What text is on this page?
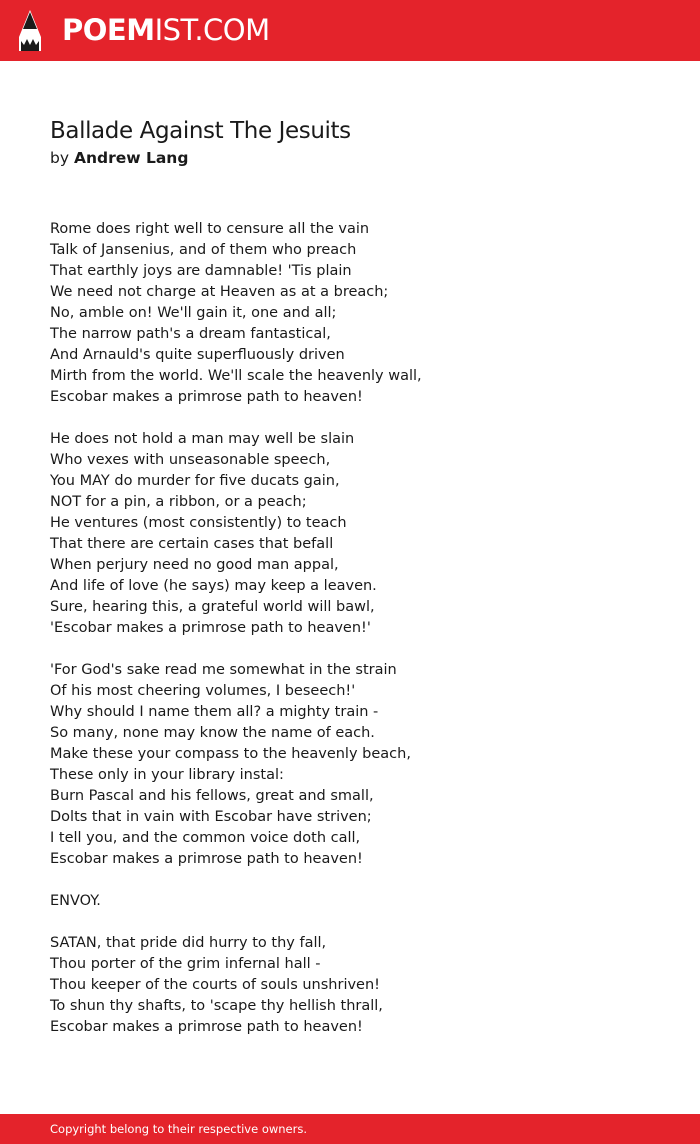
POEMIST.COM
Ballade Against The Jesuits
by Andrew Lang
Rome does right well to censure all the vain
Talk of Jansenius, and of them who preach
That earthly joys are damnable! 'Tis plain
We need not charge at Heaven as at a breach;
No, amble on! We'll gain it, one and all;
The narrow path's a dream fantastical,
And Arnauld's quite superfluously driven
Mirth from the world. We'll scale the heavenly wall,
Escobar makes a primrose path to heaven!
He does not hold a man may well be slain
Who vexes with unseasonable speech,
You MAY do murder for five ducats gain,
NOT for a pin, a ribbon, or a peach;
He ventures (most consistently) to teach
That there are certain cases that befall
When perjury need no good man appal,
And life of love (he says) may keep a leaven.
Sure, hearing this, a grateful world will bawl,
'Escobar makes a primrose path to heaven!'
'For God's sake read me somewhat in the strain
Of his most cheering volumes, I beseech!'
Why should I name them all? a mighty train -
So many, none may know the name of each.
Make these your compass to the heavenly beach,
These only in your library instal:
Burn Pascal and his fellows, great and small,
Dolts that in vain with Escobar have striven;
I tell you, and the common voice doth call,
Escobar makes a primrose path to heaven!
ENVOY.
SATAN, that pride did hurry to thy fall,
Thou porter of the grim infernal hall -
Thou keeper of the courts of souls unshriven!
To shun thy shafts, to 'scape thy hellish thrall,
Escobar makes a primrose path to heaven!
Copyright belong to their respective owners.
